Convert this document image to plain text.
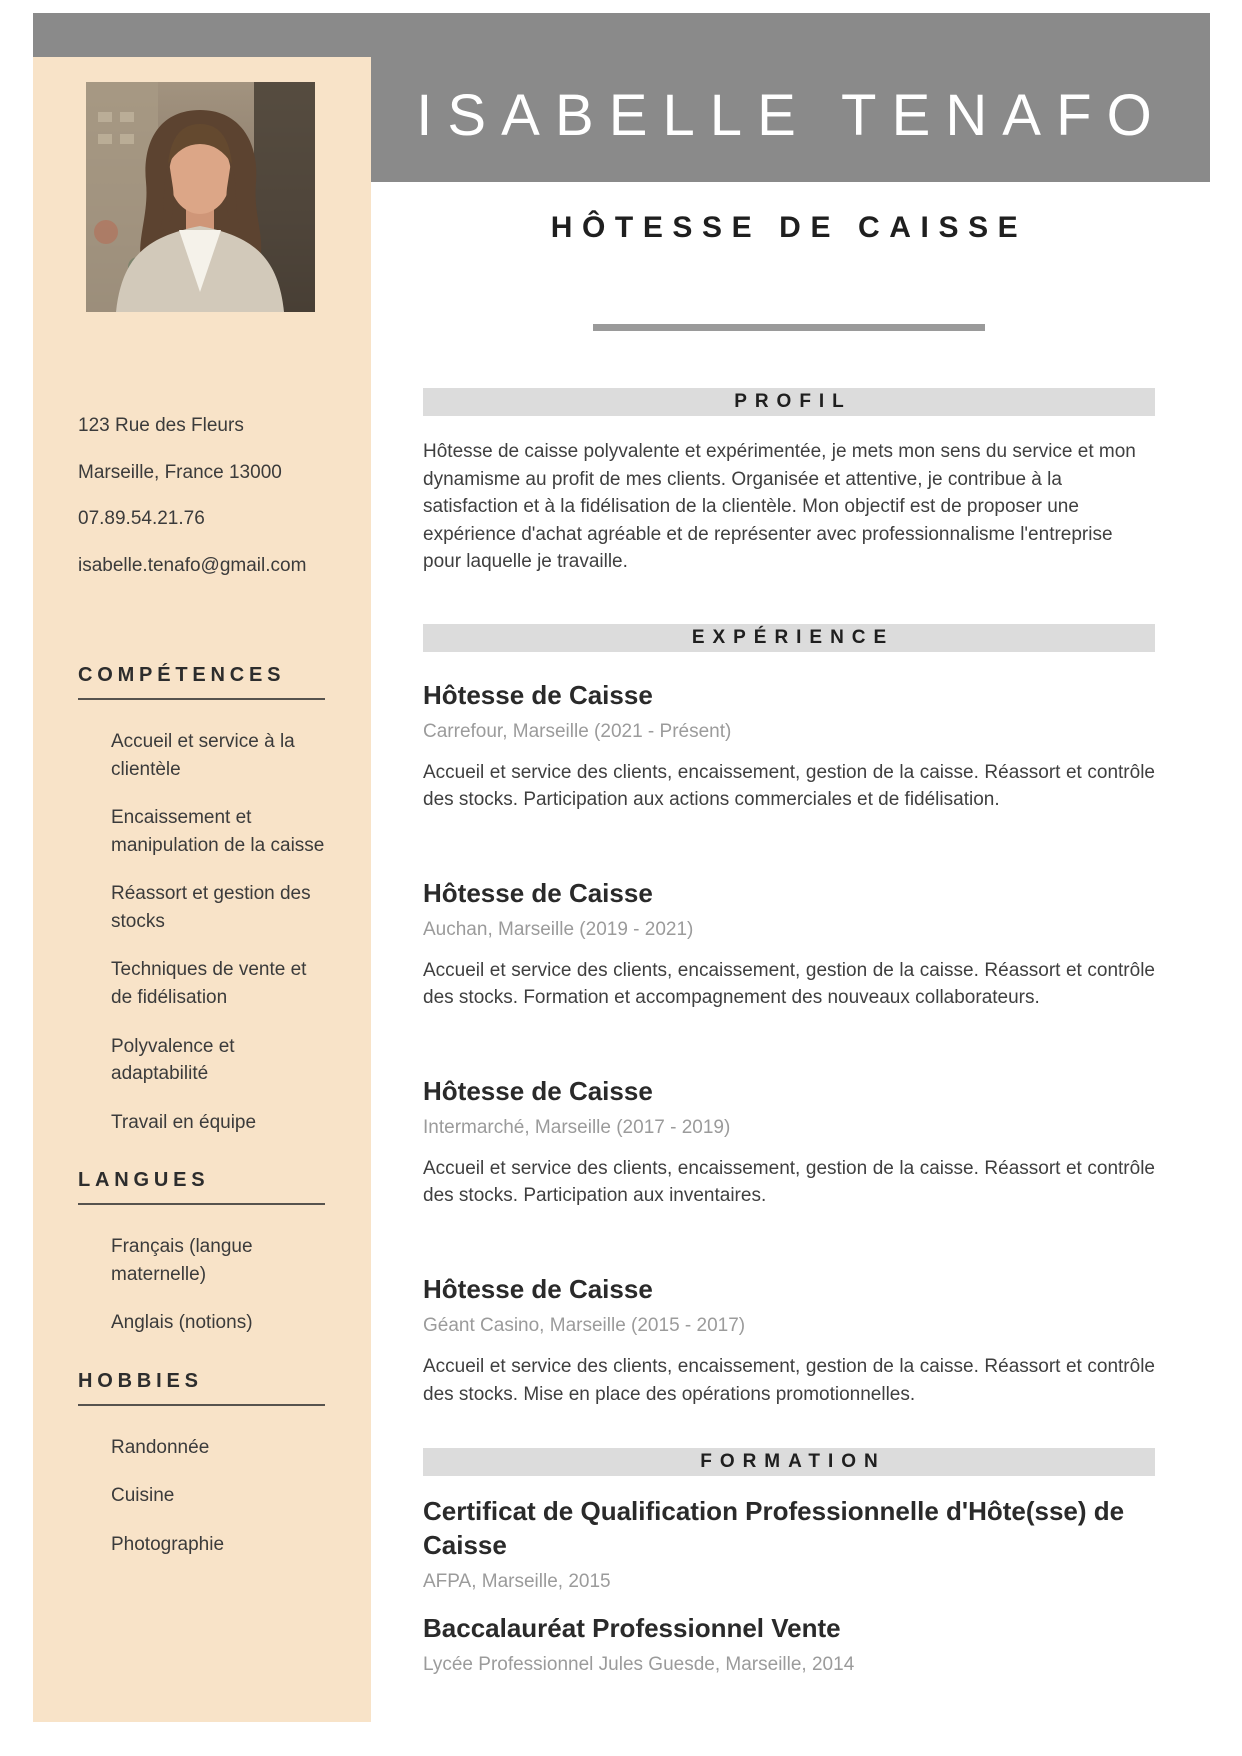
ISABELLE TENAFO

123 Rue des Fleurs

Marseille, France 13000

07.89.54.21.76

isabelle.tenafo@gmail.com

COMPÉTENCES
Accueil et service à la clientèle
Encaissement et manipulation de la caisse
Réassort et gestion des stocks
Techniques de vente et de fidélisation
Polyvalence et adaptabilité
Travail en équipe
LANGUES
Français (langue maternelle)
Anglais (notions)
HOBBIES
Randonnée
Cuisine
Photographie
HÔTESSE DE CAISSE
PROFIL

Hôtesse de caisse polyvalente et expérimentée, je mets mon sens du service et mon dynamisme au profit de mes clients. Organisée et attentive, je contribue à la satisfaction et à la fidélisation de la clientèle. Mon objectif est de proposer une expérience d'achat agréable et de représenter avec professionnalisme l'entreprise pour laquelle je travaille.

EXPÉRIENCE
Hôtesse de Caisse

Carrefour, Marseille (2021 - Présent)

Accueil et service des clients, encaissement, gestion de la caisse. Réassort et contrôle des stocks. Participation aux actions commerciales et de fidélisation.

Hôtesse de Caisse

Auchan, Marseille (2019 - 2021)

Accueil et service des clients, encaissement, gestion de la caisse. Réassort et contrôle des stocks. Formation et accompagnement des nouveaux collaborateurs.

Hôtesse de Caisse

Intermarché, Marseille (2017 - 2019)

Accueil et service des clients, encaissement, gestion de la caisse. Réassort et contrôle des stocks. Participation aux inventaires.

Hôtesse de Caisse

Géant Casino, Marseille (2015 - 2017)

Accueil et service des clients, encaissement, gestion de la caisse. Réassort et contrôle des stocks. Mise en place des opérations promotionnelles.

FORMATION
Certificat de Qualification Professionnelle d'Hôte(sse) de Caisse

AFPA, Marseille, 2015

Baccalauréat Professionnel Vente

Lycée Professionnel Jules Guesde, Marseille, 2014
